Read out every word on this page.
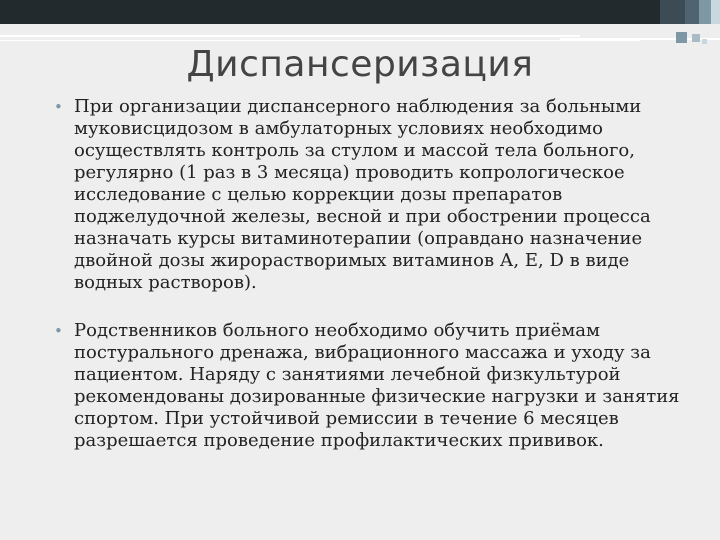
Диспансеризация
• При организации диспансерного наблюдения за больными муковисцидозом в амбулаторных условиях необходимо осуществлять контроль за стулом и массой тела больного, регулярно (1 раз в 3 месяца) проводить копрологическое исследование с целью коррекции дозы препаратов поджелудочной железы, весной и при обострении процесса назначать курсы витаминотерапии (оправдано назначение двойной дозы жирорастворимых витаминов А, Е, D в виде водных растворов).
• Родственников больного необходимо обучить приёмам постурального дренажа, вибрационного массажа и уходу за пациентом. Наряду с занятиями лечебной физкультурой рекомендованы дозированные физические нагрузки и занятия спортом. При устойчивой ремиссии в течение 6 месяцев разрешается проведение профилактических прививок.
